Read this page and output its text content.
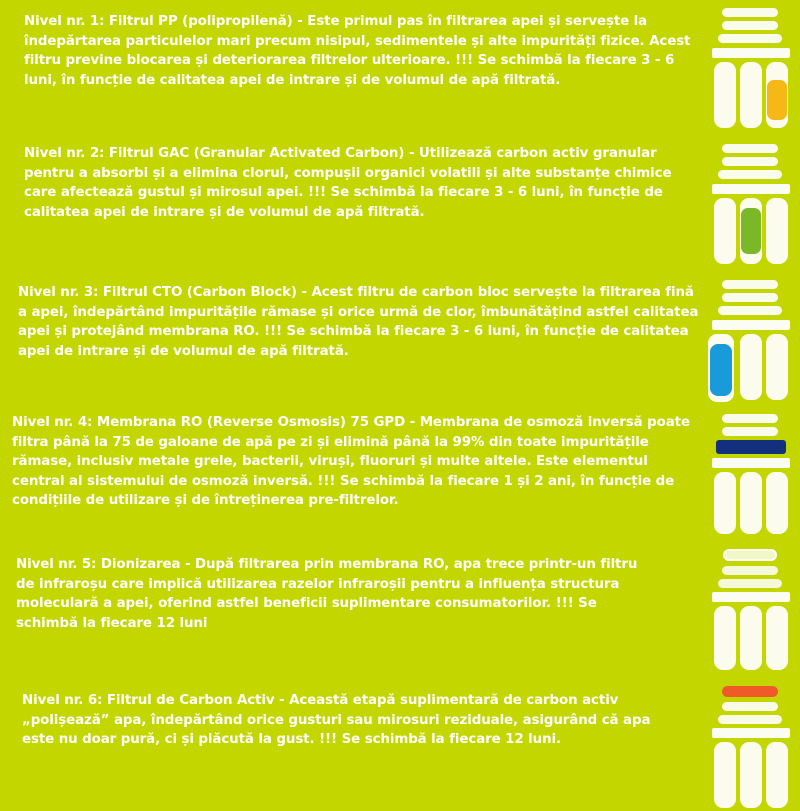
Nivel nr. 1: Filtrul PP (polipropilenă) - Este primul pas în filtrarea apei și servește la îndepărtarea particulelor mari precum nisipul, sedimentele și alte impurități fizice. Acest filtru previne blocarea și deteriorarea filtrelor ulterioare. !!! Se schimbă la fiecare 3 - 6 luni, în funcție de calitatea apei de intrare și de volumul de apă filtrată.

Nivel nr. 2: Filtrul GAC (Granular Activated Carbon) - Utilizează carbon activ granular pentru a absorbi și a elimina clorul, compușii organici volatili și alte substanțe chimice care afectează gustul și mirosul apei. !!! Se schimbă la fiecare 3 - 6 luni, în funcție de calitatea apei de intrare și de volumul de apă filtrată.

Nivel nr. 3: Filtrul CTO (Carbon Block) - Acest filtru de carbon bloc servește la filtrarea fină a apei, îndepărtând impuritățile rămase și orice urmă de clor, îmbunătățind astfel calitatea apei și protejând membrana RO. !!! Se schimbă la fiecare 3 - 6 luni, în funcție de calitatea apei de intrare și de volumul de apă filtrată.

Nivel nr. 4: Membrana RO (Reverse Osmosis) 75 GPD - Membrana de osmoză inversă poate filtra până la 75 de galoane de apă pe zi și elimină până la 99% din toate impuritățile rămase, inclusiv metale grele, bacterii, viruși, fluoruri și multe altele. Este elementul central al sistemului de osmoză inversă. !!! Se schimbă la fiecare 1 și 2 ani, în funcție de condițiile de utilizare și de întreținerea pre-filtrelor.

Nivel nr. 5: Dionizarea - După filtrarea prin membrana RO, apa trece printr-un filtru de infraroșu care implică utilizarea razelor infraroșii pentru a influența structura moleculară a apei, oferind astfel beneficii suplimentare consumatorilor. !!! Se schimbă la fiecare 12 luni

Nivel nr. 6: Filtrul de Carbon Activ - Această etapă suplimentară de carbon activ „polișează” apa, îndepărtând orice gusturi sau mirosuri reziduale, asigurând că apa este nu doar pură, ci și plăcută la gust. !!! Se schimbă la fiecare 12 luni.
